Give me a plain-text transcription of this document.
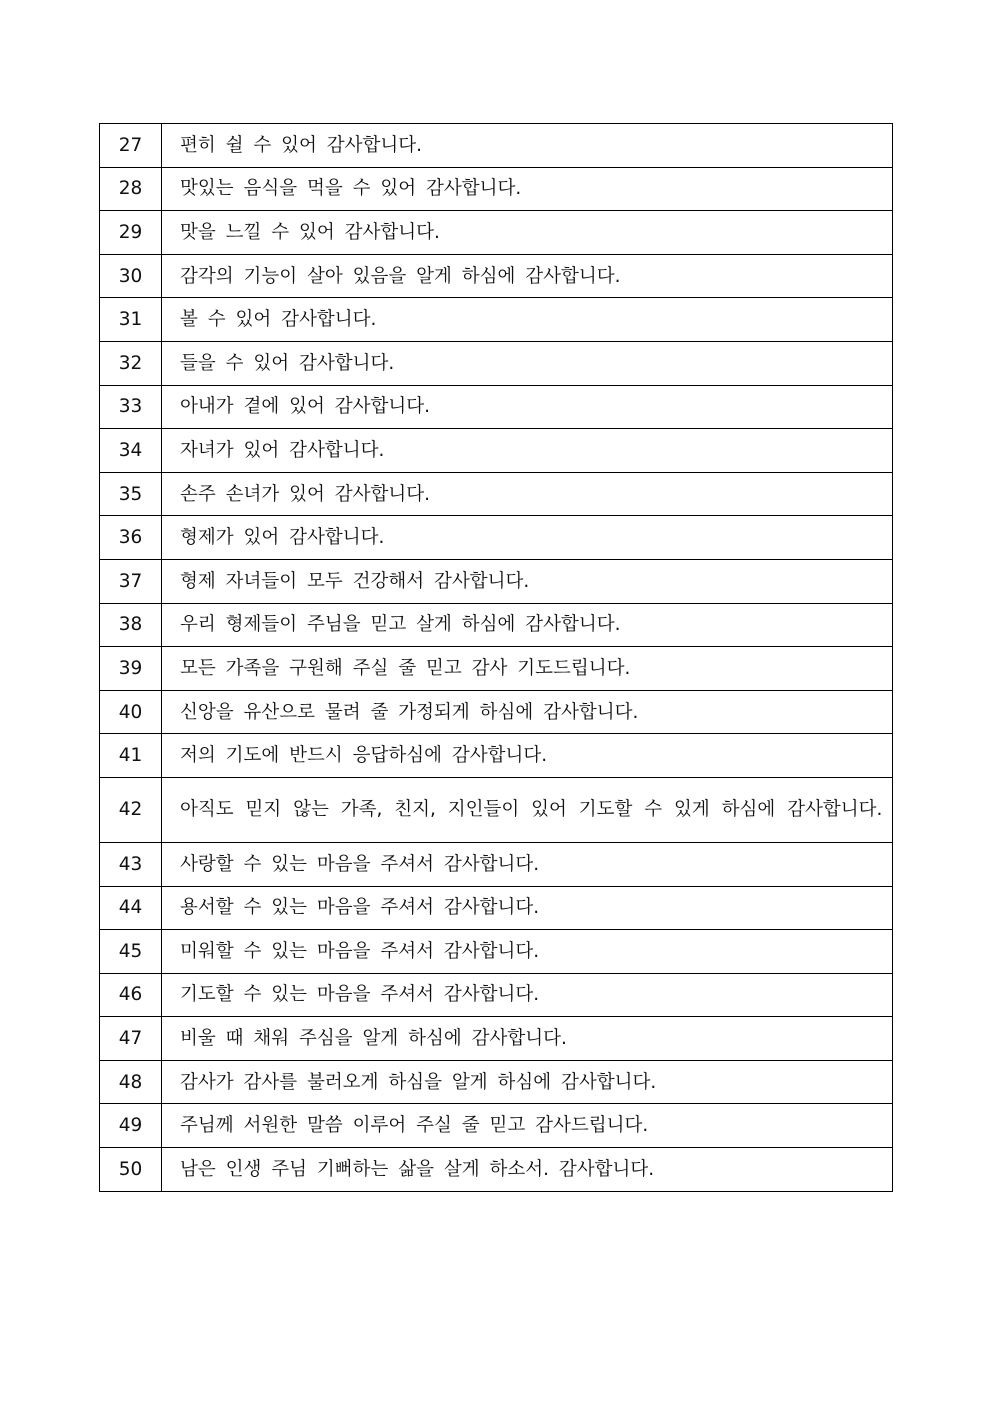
27	편히 쉴 수 있어 감사합니다.
28	맛있는 음식을 먹을 수 있어 감사합니다.
29	맛을 느낄 수 있어 감사합니다.
30	감각의 기능이 살아 있음을 알게 하심에 감사합니다.
31	볼 수 있어 감사합니다.
32	들을 수 있어 감사합니다.
33	아내가 곁에 있어 감사합니다.
34	자녀가 있어 감사합니다.
35	손주 손녀가 있어 감사합니다.
36	형제가 있어 감사합니다.
37	형제 자녀들이 모두 건강해서 감사합니다.
38	우리 형제들이 주님을 믿고 살게 하심에 감사합니다.
39	모든 가족을 구원해 주실 줄 믿고 감사 기도드립니다.
40	신앙을 유산으로 물려 줄 가정되게 하심에 감사합니다.
41	저의 기도에 반드시 응답하심에 감사합니다.
42	아직도 믿지 않는 가족, 친지, 지인들이 있어 기도할 수 있게 하심에 감사합니다.
43	사랑할 수 있는 마음을 주셔서 감사합니다.
44	용서할 수 있는 마음을 주셔서 감사합니다.
45	미워할 수 있는 마음을 주셔서 감사합니다.
46	기도할 수 있는 마음을 주셔서 감사합니다.
47	비울 때 채워 주심을 알게 하심에 감사합니다.
48	감사가 감사를 불러오게 하심을 알게 하심에 감사합니다.
49	주님께 서원한 말씀 이루어 주실 줄 믿고 감사드립니다.
50	남은 인생 주님 기뻐하는 삶을 살게 하소서. 감사합니다.
